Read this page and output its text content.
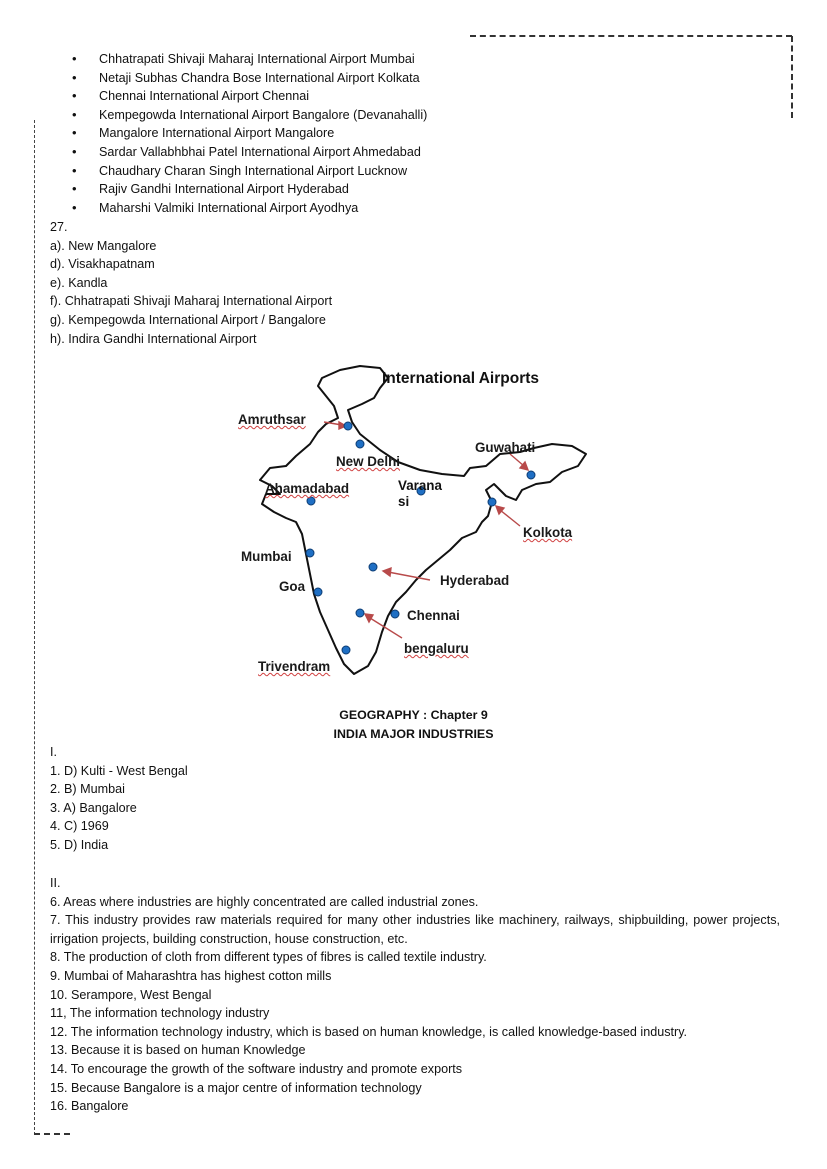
• Chhatrapati Shivaji Maharaj International Airport Mumbai
• Netaji Subhas Chandra Bose International Airport Kolkata
• Chennai International Airport Chennai
• Kempegowda International Airport Bangalore (Devanahalli)
• Mangalore International Airport Mangalore
• Sardar Vallabhbhai Patel International Airport Ahmedabad
• Chaudhary Charan Singh International Airport Lucknow
• Rajiv Gandhi International Airport Hyderabad
• Maharshi Valmiki International Airport Ayodhya
27.
a). New Mangalore
d). Visakhapatnam
e). Kandla
f). Chhatrapati Shivaji Maharaj International Airport
g). Kempegowda International Airport / Bangalore
h). Indira Gandhi International Airport
International Airports
Amruthsar
New Delhi
Guwahati
Ahamadabad	Varana si
Kolkota
Mumbai
Hyderabad
Goa
Chennai
bengaluru
Trivendram
GEOGRAPHY : Chapter 9
INDIA MAJOR INDUSTRIES
I.
1. D) Kulti - West Bengal
2. B) Mumbai
3. A) Bangalore
4. C) 1969
5. D) India
II.
6. Areas where industries are highly concentrated are called industrial zones.
7. This industry provides raw materials required for many other industries like machinery, railways, shipbuilding, power projects, irrigation projects, building construction, house construction, etc.
8. The production of cloth from different types of fibres is called textile industry.
9. Mumbai of Maharashtra has highest cotton mills
10. Serampore, West Bengal
11, The information technology industry
12. The information technology industry, which is based on human knowledge, is called knowledge-based industry.
13. Because it is based on human Knowledge
14. To encourage the growth of the software industry and promote exports
15. Because Bangalore is a major centre of information technology
16. Bangalore
